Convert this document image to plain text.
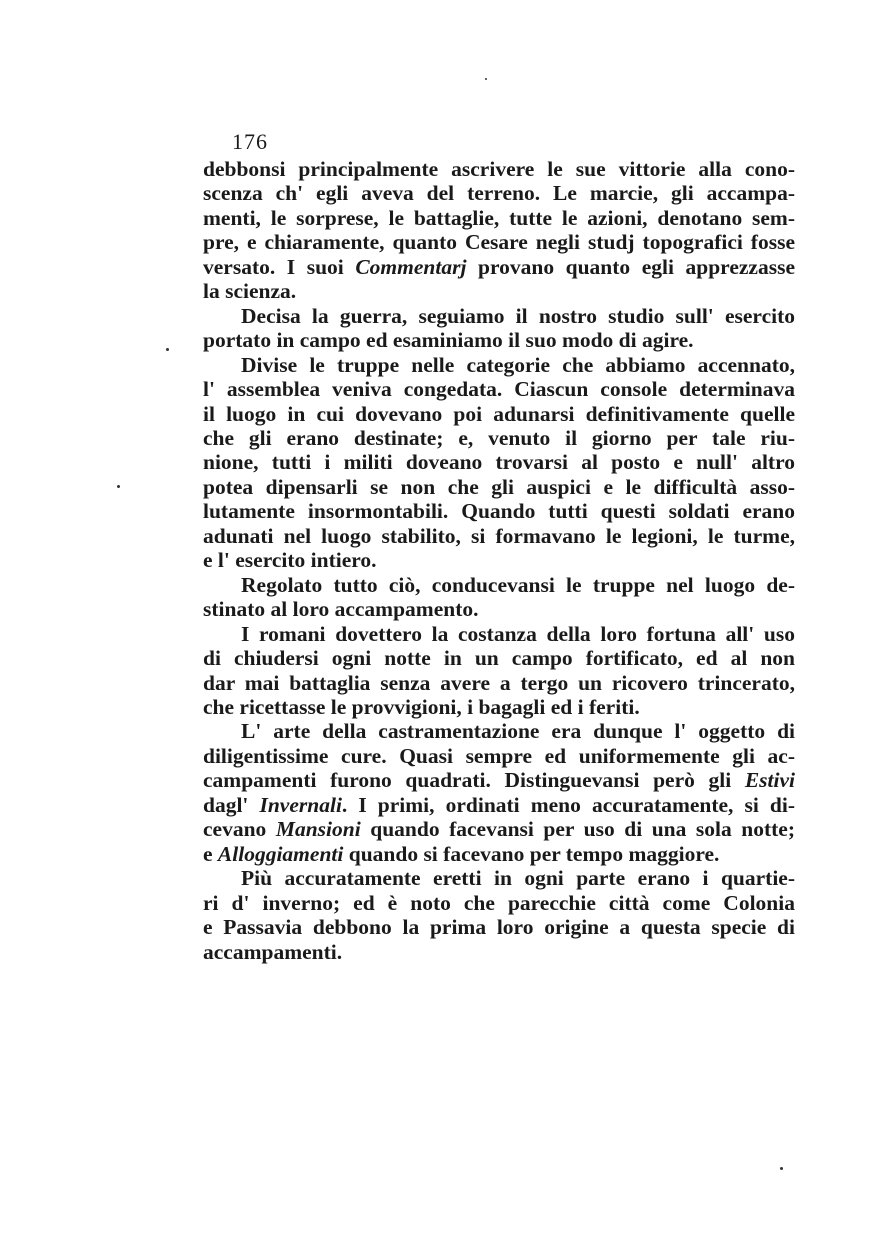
176
debbonsi principalmente ascrivere le sue vittorie alla cono-
scenza ch' egli aveva del terreno. Le marcie, gli accampa-
menti, le sorprese, le battaglie, tutte le azioni, denotano sem-
pre, e chiaramente, quanto Cesare negli studj topografici fosse
versato. I suoi Commentarj provano quanto egli apprezzasse
la scienza.
Decisa la guerra, seguiamo il nostro studio sull' esercito
portato in campo ed esaminiamo il suo modo di agire.
Divise le truppe nelle categorie che abbiamo accennato,
l' assemblea veniva congedata. Ciascun console determinava
il luogo in cui dovevano poi adunarsi definitivamente quelle
che gli erano destinate; e, venuto il giorno per tale riu-
nione, tutti i militi doveano trovarsi al posto e null' altro
potea dipensarli se non che gli auspici e le difficultà asso-
lutamente insormontabili. Quando tutti questi soldati erano
adunati nel luogo stabilito, si formavano le legioni, le turme,
e l' esercito intiero.
Regolato tutto ciò, conducevansi le truppe nel luogo de-
stinato al loro accampamento.
I romani dovettero la costanza della loro fortuna all' uso
di chiudersi ogni notte in un campo fortificato, ed al non
dar mai battaglia senza avere a tergo un ricovero trincerato,
che ricettasse le provvigioni, i bagagli ed i feriti.
L' arte della castramentazione era dunque l' oggetto di
diligentissime cure. Quasi sempre ed uniformemente gli ac-
campamenti furono quadrati. Distinguevansi però gli Estivi
dagl' Invernali. I primi, ordinati meno accuratamente, si di-
cevano Mansioni quando facevansi per uso di una sola notte;
e Alloggiamenti quando si facevano per tempo maggiore.
Più accuratamente eretti in ogni parte erano i quartie-
ri d' inverno; ed è noto che parecchie città come Colonia
e Passavia debbono la prima loro origine a questa specie di
accampamenti.
